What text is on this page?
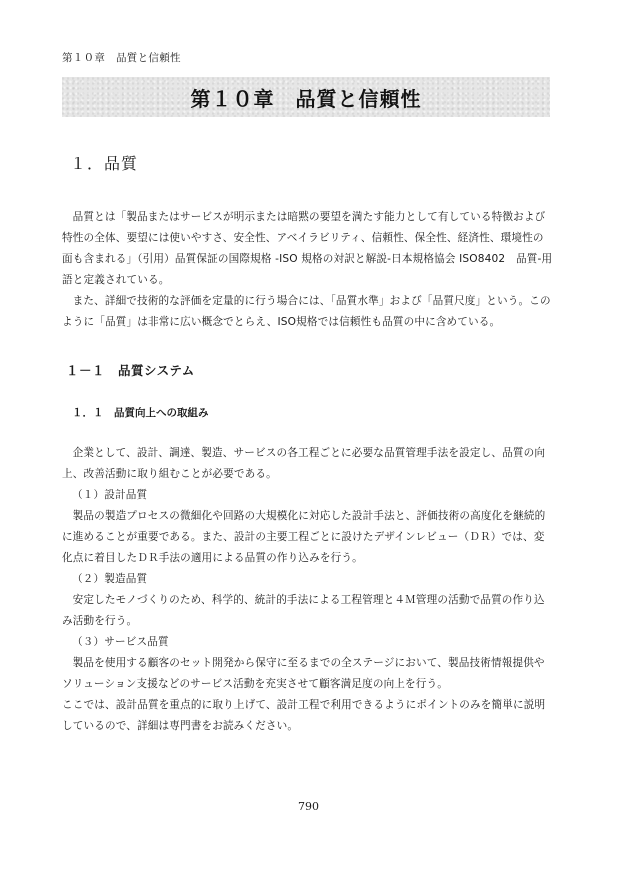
第１０章　品質と信頼性
第１０章　品質と信頼性
１．品質

品質とは「製品またはサービスが明示または暗黙の要望を満たす能力として有している特徴および特性の全体、要望には使いやすさ、安全性、アベイラビリティ、信頼性、保全性、経済性、環境性の面も含まれる」（引用）品質保証の国際規格 -ISO 規格の対訳と解説-日本規格協会 ISO8402　品質-用語と定義されている。

また、詳細で技術的な評価を定量的に行う場合には、「品質水準」および「品質尺度」という。このように「品質」は非常に広い概念でとらえ、ISO規格では信頼性も品質の中に含めている。

１－１　品質システム
１．１　品質向上への取組み

企業として、設計、調達、製造、サービスの各工程ごとに必要な品質管理手法を設定し、品質の向上、改善活動に取り組むことが必要である。

（１）設計品質

製品の製造プロセスの微細化や回路の大規模化に対応した設計手法と、評価技術の高度化を継続的に進めることが重要である。また、設計の主要工程ごとに設けたデザインレビュー（ＤＲ）では、変化点に着目したＤＲ手法の適用による品質の作り込みを行う。

（２）製造品質

安定したモノづくりのため、科学的、統計的手法による工程管理と４Ｍ管理の活動で品質の作り込み活動を行う。

（３）サービス品質

製品を使用する顧客のセット開発から保守に至るまでの全ステージにおいて、製品技術情報提供やソリューション支援などのサービス活動を充実させて顧客満足度の向上を行う。

ここでは、設計品質を重点的に取り上げて、設計工程で利用できるようにポイントのみを簡単に説明しているので、詳細は専門書をお読みください。

790
